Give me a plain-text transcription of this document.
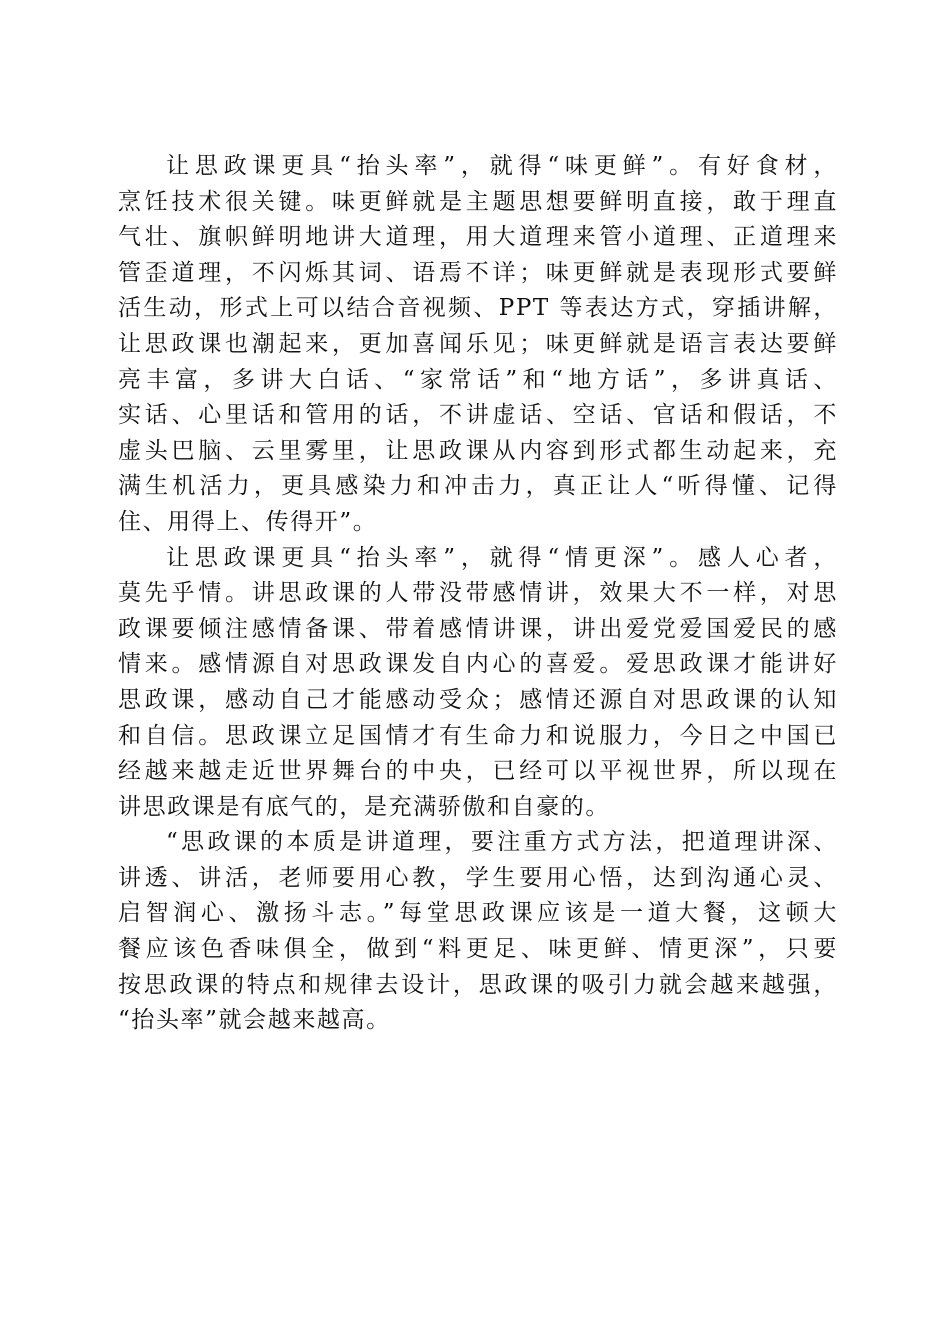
让思政课更具“抬头率”，就得“味更鲜”。有好食材，
烹饪技术很关键。味更鲜就是主题思想要鲜明直接，敢于理直
气壮、旗帜鲜明地讲大道理，用大道理来管小道理、正道理来
管歪道理，不闪烁其词、语焉不详；味更鲜就是表现形式要鲜
活生动，形式上可以结合音视频、PPT 等表达方式，穿插讲解，
让思政课也潮起来，更加喜闻乐见；味更鲜就是语言表达要鲜
亮丰富，多讲大白话、“家常话”和“地方话”，多讲真话、
实话、心里话和管用的话，不讲虚话、空话、官话和假话，不
虚头巴脑、云里雾里，让思政课从内容到形式都生动起来，充
满生机活力，更具感染力和冲击力，真正让人“听得懂、记得
住、用得上、传得开”。
让思政课更具“抬头率”，就得“情更深”。感人心者，
莫先乎情。讲思政课的人带没带感情讲，效果大不一样，对思
政课要倾注感情备课、带着感情讲课，讲出爱党爱国爱民的感
情来。感情源自对思政课发自内心的喜爱。爱思政课才能讲好
思政课，感动自己才能感动受众；感情还源自对思政课的认知
和自信。思政课立足国情才有生命力和说服力，今日之中国已
经越来越走近世界舞台的中央，已经可以平视世界，所以现在
讲思政课是有底气的，是充满骄傲和自豪的。
“思政课的本质是讲道理，要注重方式方法，把道理讲深、
讲透、讲活，老师要用心教，学生要用心悟，达到沟通心灵、
启智润心、激扬斗志。”每堂思政课应该是一道大餐，这顿大
餐应该色香味俱全，做到“料更足、味更鲜、情更深”，只要
按思政课的特点和规律去设计，思政课的吸引力就会越来越强，
“抬头率”就会越来越高。
